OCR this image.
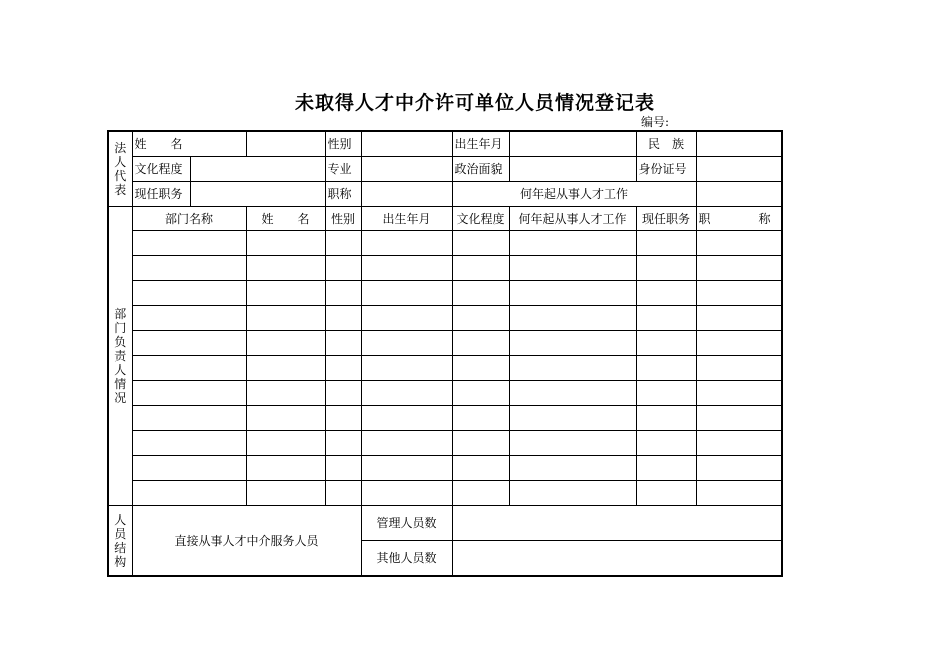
未取得人才中介许可单位人员情况登记表
编号:
法人代表	姓　　名			性别		出生年月		民　族	
	文化程度			专业		政治面貌		身份证号	
	现任职务			职称		何年起从事人才工作			
部门负责人情况	部门名称		姓　　名	性别	出生年月	文化程度	何年起从事人才工作	现任职务	职　　　　称

人员结构	直接从事人才中介服务人员				管理人员数				
					其他人员数				
